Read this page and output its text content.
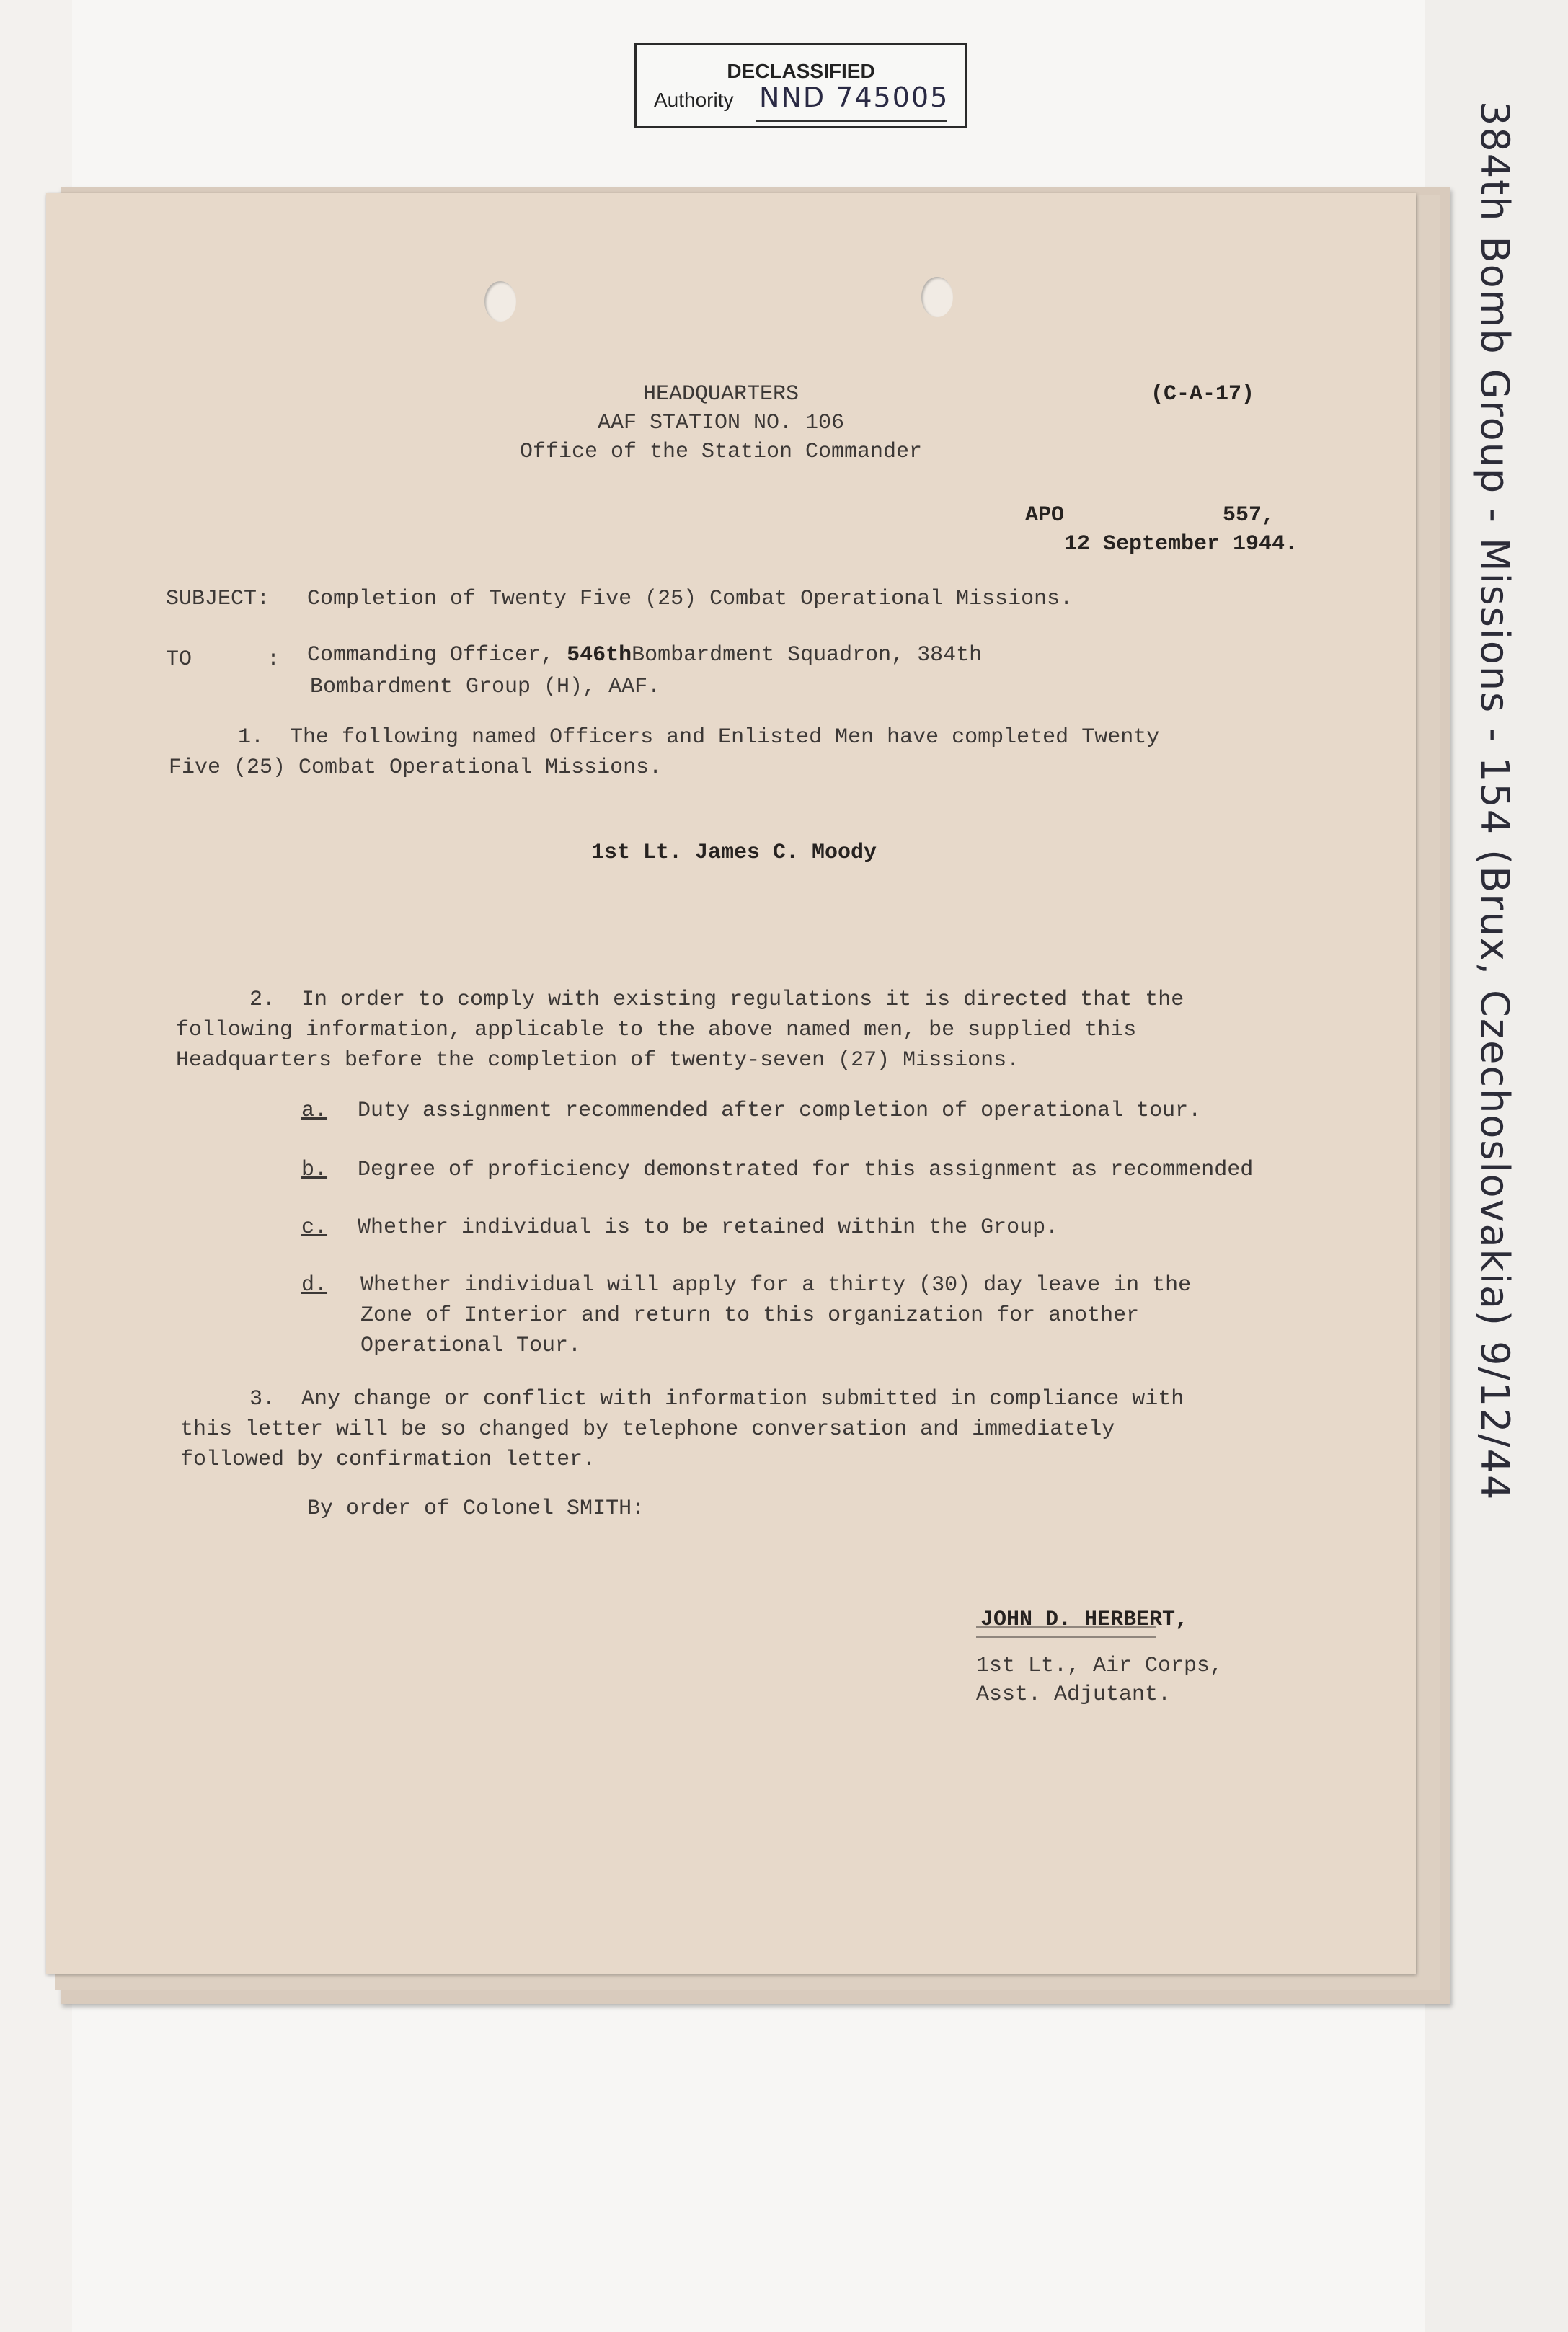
DECLASSIFIED
Authority NND 745005
HEADQUARTERS
AAF STATION NO. 106
Office of the Station Commander
(C-A-17)
APO	557,
12 September 1944.
SUBJECT: Completion of Twenty Five (25) Combat Operational Missions.
TO	: Commanding Officer, 546thBombardment Squadron, 384th
Bombardment Group (H), AAF.
1.  The following named Officers and Enlisted Men have completed Twenty
Five (25) Combat Operational Missions.
1st Lt. James C. Moody
2.  In order to comply with existing regulations it is directed that the
following information, applicable to the above named men, be supplied this
Headquarters before the completion of twenty-seven (27) Missions.
a. Duty assignment recommended after completion of operational tour.
b. Degree of proficiency demonstrated for this assignment as recommended
c. Whether individual is to be retained within the Group.
d. Whether individual will apply for a thirty (30) day leave in the
Zone of Interior and return to this organization for another
Operational Tour.
3.  Any change or conflict with information submitted in compliance with
this letter will be so changed by telephone conversation and immediately
followed by confirmation letter.
By order of Colonel SMITH:
JOHN D. HERBERT,
1st Lt., Air Corps,
Asst. Adjutant.
384th Bomb Group - Missions - 154 (Brux, Czechoslovakia) 9/12/44
